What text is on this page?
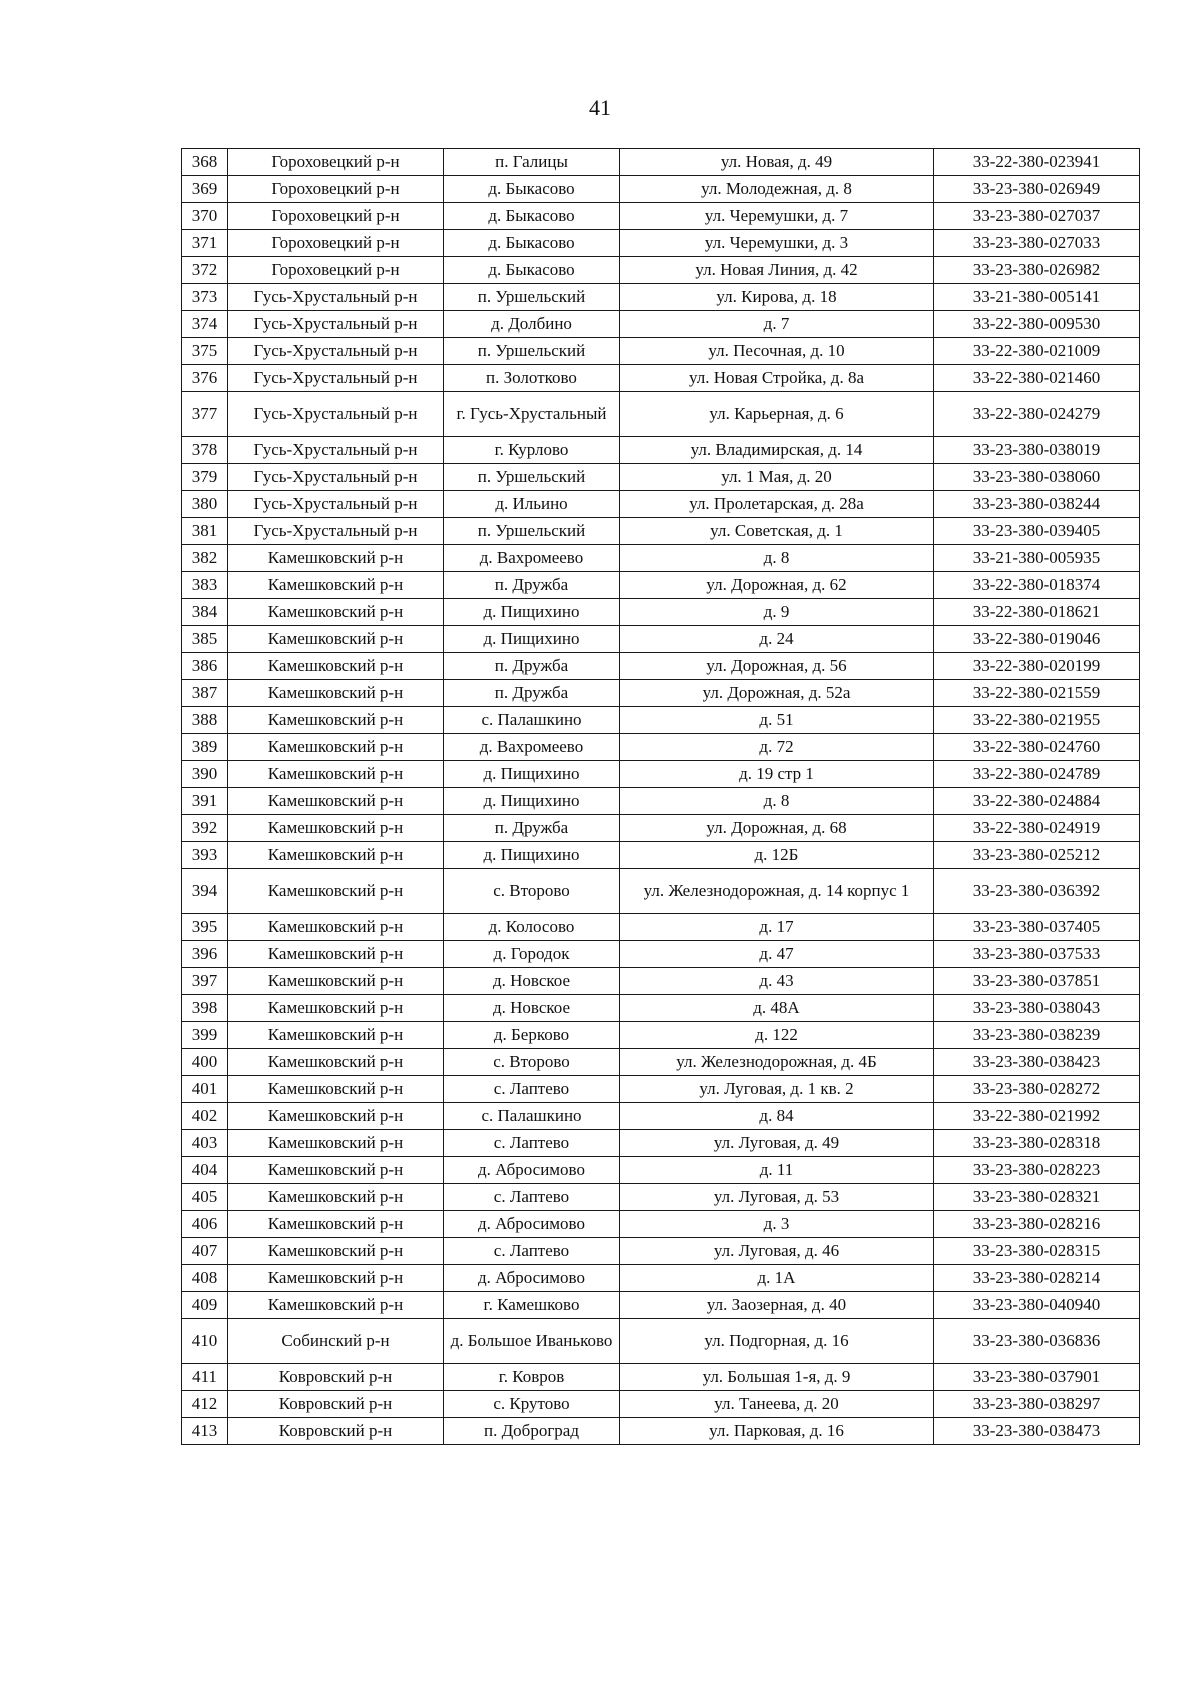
41
368	Гороховецкий р-н	п. Галицы	ул. Новая, д. 49	33-22-380-023941
369	Гороховецкий р-н	д. Быкасово	ул. Молодежная, д. 8	33-23-380-026949
370	Гороховецкий р-н	д. Быкасово	ул. Черемушки, д. 7	33-23-380-027037
371	Гороховецкий р-н	д. Быкасово	ул. Черемушки, д. 3	33-23-380-027033
372	Гороховецкий р-н	д. Быкасово	ул. Новая Линия, д. 42	33-23-380-026982
373	Гусь-Хрустальный р-н	п. Уршельский	ул. Кирова, д. 18	33-21-380-005141
374	Гусь-Хрустальный р-н	д. Долбино	д. 7	33-22-380-009530
375	Гусь-Хрустальный р-н	п. Уршельский	ул. Песочная, д. 10	33-22-380-021009
376	Гусь-Хрустальный р-н	п. Золотково	ул. Новая Стройка, д. 8а	33-22-380-021460
377	Гусь-Хрустальный р-н	г. Гусь-Хрустальный	ул. Карьерная, д. 6	33-22-380-024279
378	Гусь-Хрустальный р-н	г. Курлово	ул. Владимирская, д. 14	33-23-380-038019
379	Гусь-Хрустальный р-н	п. Уршельский	ул. 1 Мая, д. 20	33-23-380-038060
380	Гусь-Хрустальный р-н	д. Ильино	ул. Пролетарская, д. 28а	33-23-380-038244
381	Гусь-Хрустальный р-н	п. Уршельский	ул. Советская, д. 1	33-23-380-039405
382	Камешковский р-н	д. Вахромеево	д. 8	33-21-380-005935
383	Камешковский р-н	п. Дружба	ул. Дорожная, д. 62	33-22-380-018374
384	Камешковский р-н	д. Пищихино	д. 9	33-22-380-018621
385	Камешковский р-н	д. Пищихино	д. 24	33-22-380-019046
386	Камешковский р-н	п. Дружба	ул. Дорожная, д. 56	33-22-380-020199
387	Камешковский р-н	п. Дружба	ул. Дорожная, д. 52а	33-22-380-021559
388	Камешковский р-н	с. Палашкино	д. 51	33-22-380-021955
389	Камешковский р-н	д. Вахромеево	д. 72	33-22-380-024760
390	Камешковский р-н	д. Пищихино	д. 19 стр 1	33-22-380-024789
391	Камешковский р-н	д. Пищихино	д. 8	33-22-380-024884
392	Камешковский р-н	п. Дружба	ул. Дорожная, д. 68	33-22-380-024919
393	Камешковский р-н	д. Пищихино	д. 12Б	33-23-380-025212
394	Камешковский р-н	с. Второво	ул. Железнодорожная, д. 14 корпус 1	33-23-380-036392
395	Камешковский р-н	д. Колосово	д. 17	33-23-380-037405
396	Камешковский р-н	д. Городок	д. 47	33-23-380-037533
397	Камешковский р-н	д. Новское	д. 43	33-23-380-037851
398	Камешковский р-н	д. Новское	д. 48А	33-23-380-038043
399	Камешковский р-н	д. Берково	д. 122	33-23-380-038239
400	Камешковский р-н	с. Второво	ул. Железнодорожная, д. 4Б	33-23-380-038423
401	Камешковский р-н	с. Лаптево	ул. Луговая, д. 1 кв. 2	33-23-380-028272
402	Камешковский р-н	с. Палашкино	д. 84	33-22-380-021992
403	Камешковский р-н	с. Лаптево	ул. Луговая, д. 49	33-23-380-028318
404	Камешковский р-н	д. Абросимово	д. 11	33-23-380-028223
405	Камешковский р-н	с. Лаптево	ул. Луговая, д. 53	33-23-380-028321
406	Камешковский р-н	д. Абросимово	д. 3	33-23-380-028216
407	Камешковский р-н	с. Лаптево	ул. Луговая, д. 46	33-23-380-028315
408	Камешковский р-н	д. Абросимово	д. 1А	33-23-380-028214
409	Камешковский р-н	г. Камешково	ул. Заозерная, д. 40	33-23-380-040940
410	Собинский р-н	д. Большое Иваньково	ул. Подгорная, д. 16	33-23-380-036836
411	Ковровский р-н	г. Ковров	ул. Большая 1-я, д. 9	33-23-380-037901
412	Ковровский р-н	с. Крутово	ул. Танеева, д. 20	33-23-380-038297
413	Ковровский р-н	п. Доброград	ул. Парковая, д. 16	33-23-380-038473
